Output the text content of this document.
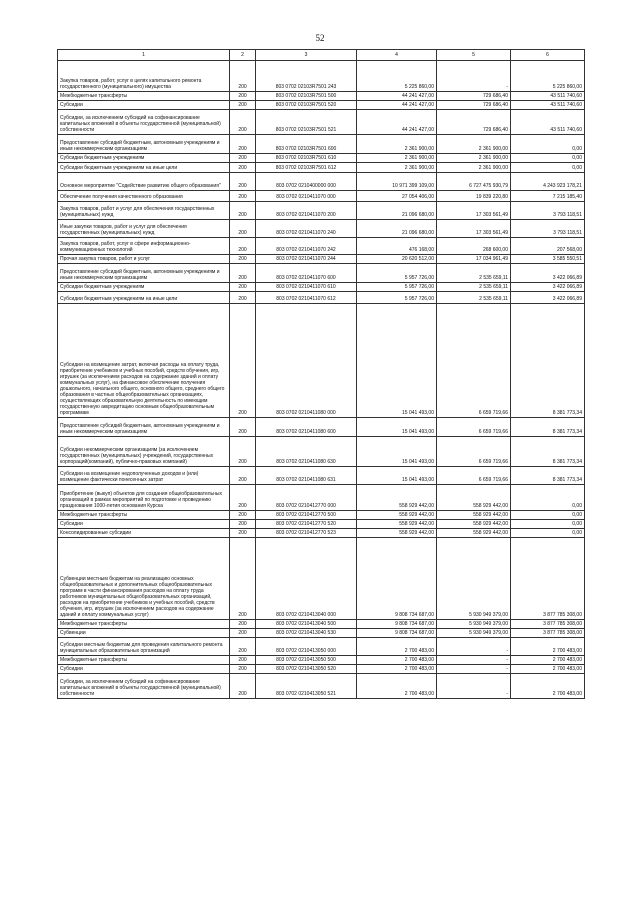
52
1	2	3	4	5	6
Закупка товаров, работ, услуг в целях капитального ремонта государственного (муниципального) имущества	200	803 0702 02103R7501 243	5 225 860,00	-	5 225 860,00
Межбюджетные трансферты	200	803 0702 02103R7501 500	44 241 427,00	729 686,40	43 511 740,60
Субсидии	200	803 0702 02103R7501 520	44 241 427,00	729 686,40	43 511 740,60
Субсидии, за исключением субсидий на софинансирование капитальных вложений в объекты государственной (муниципальной) собственности	200	803 0702 02103R7501 521	44 241 427,00	729 686,40	43 511 740,60
Предоставление субсидий бюджетным, автономным учреждениям и иным некоммерческим организациям	200	803 0702 02103R7501 600	2 361 900,00	2 361 900,00	0,00
Субсидии бюджетным учреждениям	200	803 0702 02103R7501 610	2 361 900,00	2 361 900,00	0,00
Субсидии бюджетным учреждениям на иные цели	200	803 0702 02103R7501 612	2 361 900,00	2 361 900,00	0,00
Основное мероприятие "Содействие развитию общего образования"	200	803 0702 0210400000 000	10 971 399 109,00	6 727 475 930,79	4 243 923 178,21
Обеспечение получения качественного образования	200	803 0702 0210411070 000	27 054 406,00	19 839 220,80	7 215 185,40
Закупка товаров, работ и услуг для обеспечения государственных (муниципальных) нужд	200	803 0702 0210411070 200	21 096 680,00	17 303 561,49	3 793 118,51
Иные закупки товаров, работ и услуг для обеспечения государственных (муниципальных) нужд	200	803 0702 0210411070 240	21 096 680,00	17 303 561,49	3 793 118,51
Закупка товаров, работ, услуг в сфере информационно-коммуникационных технологий	200	803 0702 0210411070 242	476 168,00	268 600,00	207 568,00
Прочая закупка товаров, работ и услуг	200	803 0702 0210411070 244	20 620 512,00	17 034 961,49	3 585 550,51
Предоставление субсидий бюджетным, автономным учреждениям и иным некоммерческим организациям	200	803 0702 0210411070 600	5 957 726,00	2 535 659,11	3 422 066,89
Субсидии бюджетным учреждениям	200	803 0702 0210411070 610	5 957 726,00	2 535 659,11	3 422 066,89
Субсидии бюджетным учреждениям на иные цели	200	803 0702 0210411070 612	5 957 726,00	2 535 659,11	3 422 066,89
Субсидии на возмещение затрат, включая расходы на оплату труда, приобретение учебников и учебных пособий, средств обучения, игр, игрушек (за исключением расходов на содержание зданий и оплату коммунальных услуг), на финансовое обеспечение получения дошкольного, начального общего, основного общего, среднего общего образования в частных общеобразовательных организациях, осуществляющих образовательную деятельность по имеющим государственную аккредитацию основным общеобразовательным программам	200	803 0702 0210411080 000	15 041 493,00	6 659 719,66	8 381 773,34
Предоставление субсидий бюджетным, автономным учреждениям и иным некоммерческим организациям	200	803 0702 0210411080 600	15 041 493,00	6 659 719,66	8 381 773,34
Субсидии некоммерческим организациям (за исключением государственных (муниципальных) учреждений, государственных корпораций(компаний), публично-правовых компаний)	200	803 0702 0210411080 630	15 041 493,00	6 659 719,66	8 381 773,34
Субсидии на возмещение недополученных доходов и (или) возмещение фактически понесенных затрат	200	803 0702 0210411080 631	15 041 493,00	6 659 719,66	8 381 773,34
Приобретение (выкуп) объектов для создания общеобразовательных организаций в рамках мероприятий по подготовке и проведению празднования 1000-летия основания Курска	200	803 0702 0210412770 000	558 929 442,00	558 929 442,00	0,00
Межбюджетные трансферты	200	803 0702 0210412770 500	558 929 442,00	558 929 442,00	0,00
Субсидии	200	803 0702 0210412770 520	558 929 442,00	558 929 442,00	0,00
Консолидированные субсидии	200	803 0702 0210412770 523	558 929 442,00	558 929 442,00	0,00
Субвенции местным бюджетам на реализацию основных общеобразовательных и дополнительных общеобразовательных программ в части финансирования расходов на оплату труда работников муниципальных общеобразовательных организаций, расходов на приобретение учебников и учебных пособий, средств обучения, игр, игрушек (за исключением расходов на содержание зданий и оплату коммунальных услуг)	200	803 0702 0210413040 000	9 808 734 687,00	5 930 949 379,00	3 877 785 308,00
Межбюджетные трансферты	200	803 0702 0210413040 500	9 808 734 687,00	5 930 949 379,00	3 877 785 308,00
Субвенции	200	803 0702 0210413040 530	9 808 734 687,00	5 930 949 379,00	3 877 785 308,00
Субсидии местным бюджетам для проведения капитального ремонта муниципальных образовательных организаций	200	803 0702 0210413050 000	2 700 483,00	-	2 700 483,00
Межбюджетные трансферты	200	803 0702 0210413050 500	2 700 483,00	-	2 700 483,00
Субсидии	200	803 0702 0210413050 520	2 700 483,00	-	2 700 483,00
Субсидии, за исключением субсидий на софинансирование капитальных вложений в объекты государственной (муниципальной) собственности	200	803 0702 0210413050 521	2 700 483,00	-	2 700 483,00
